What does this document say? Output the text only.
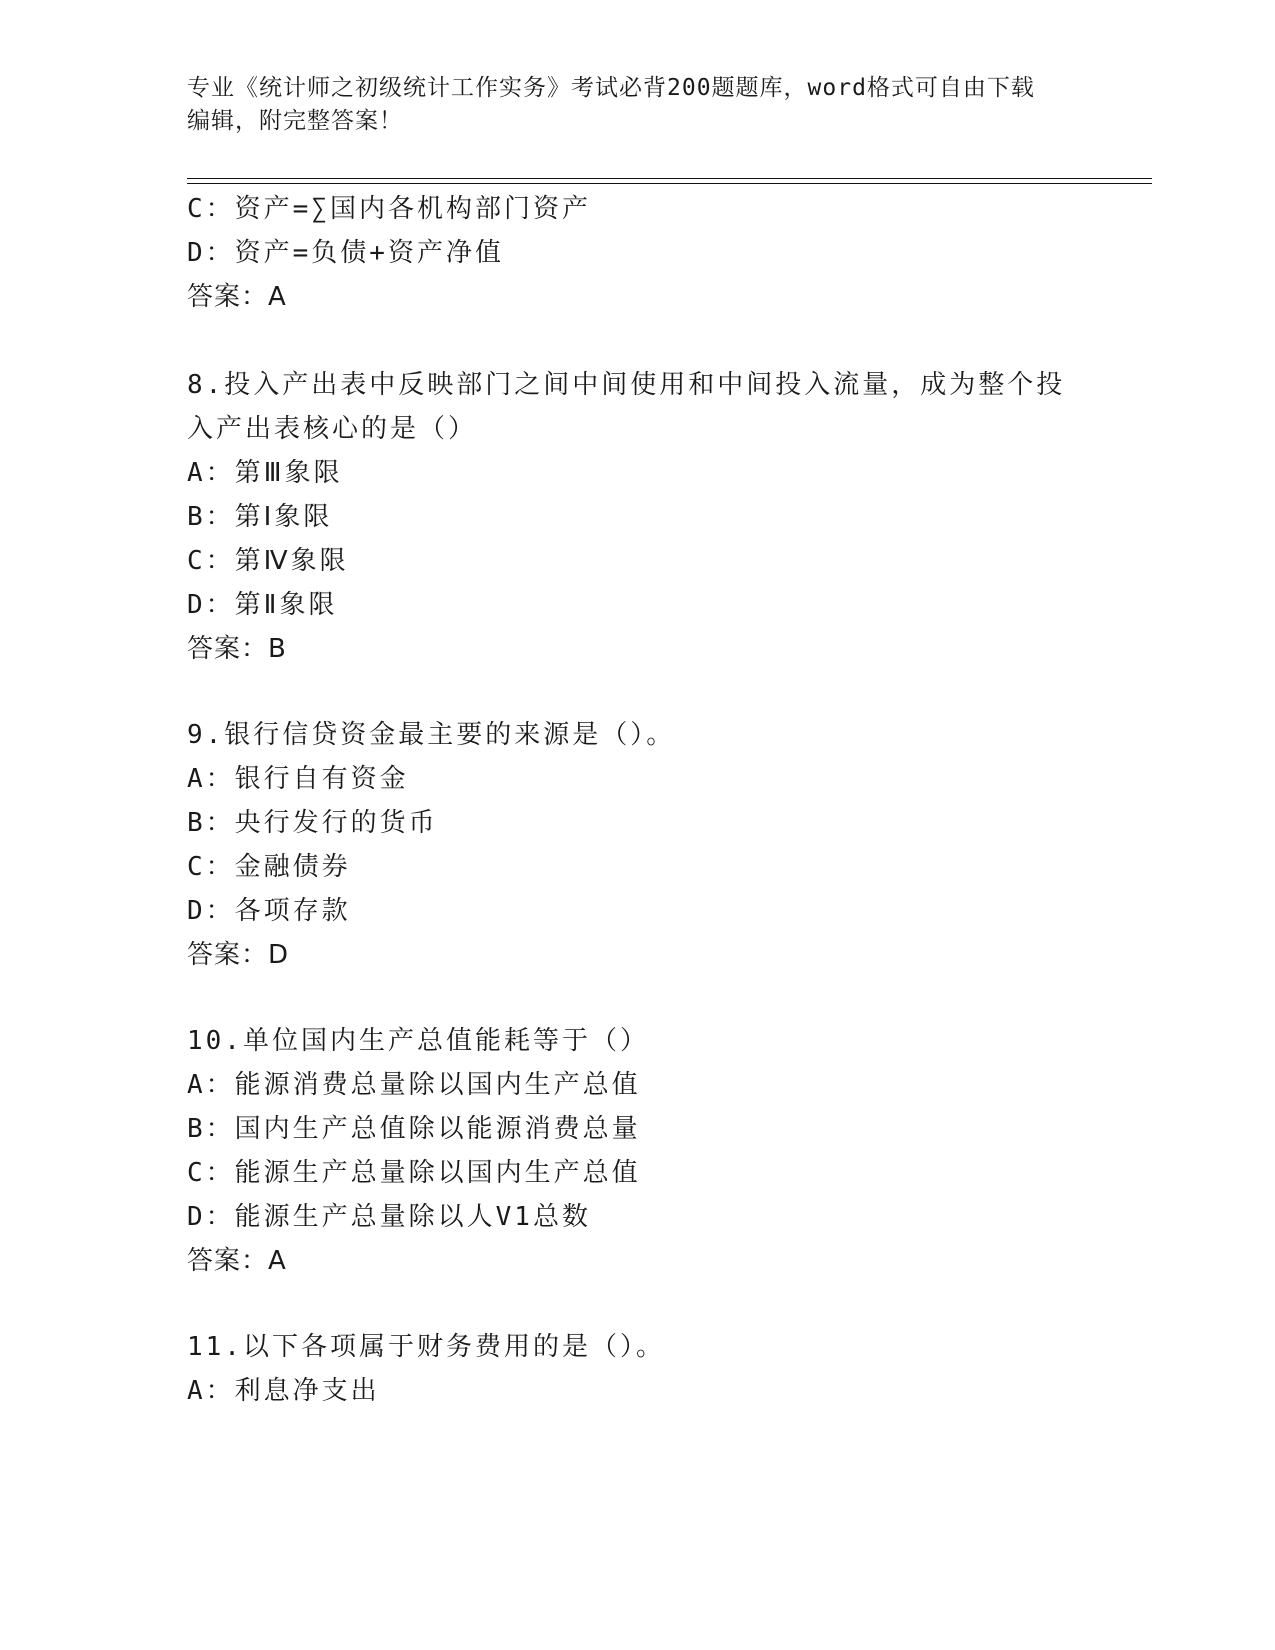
专业《统计师之初级统计工作实务》考试必背200题题库，word格式可自由下载
编辑，附完整答案！
C：资产=∑国内各机构部门资产
D：资产=负债+资产净值
答案：A
8.投入产出表中反映部门之间中间使用和中间投入流量，成为整个投
入产出表核心的是（）
A：第Ⅲ象限
B：第Ⅰ象限
C：第Ⅳ象限
D：第Ⅱ象限
答案：B
9.银行信贷资金最主要的来源是（）。
A：银行自有资金
B：央行发行的货币
C：金融债券
D：各项存款
答案：D
10.单位国内生产总值能耗等于（）
A：能源消费总量除以国内生产总值
B：国内生产总值除以能源消费总量
C：能源生产总量除以国内生产总值
D：能源生产总量除以人V1总数
答案：A
11.以下各项属于财务费用的是（）。
A：利息净支出
